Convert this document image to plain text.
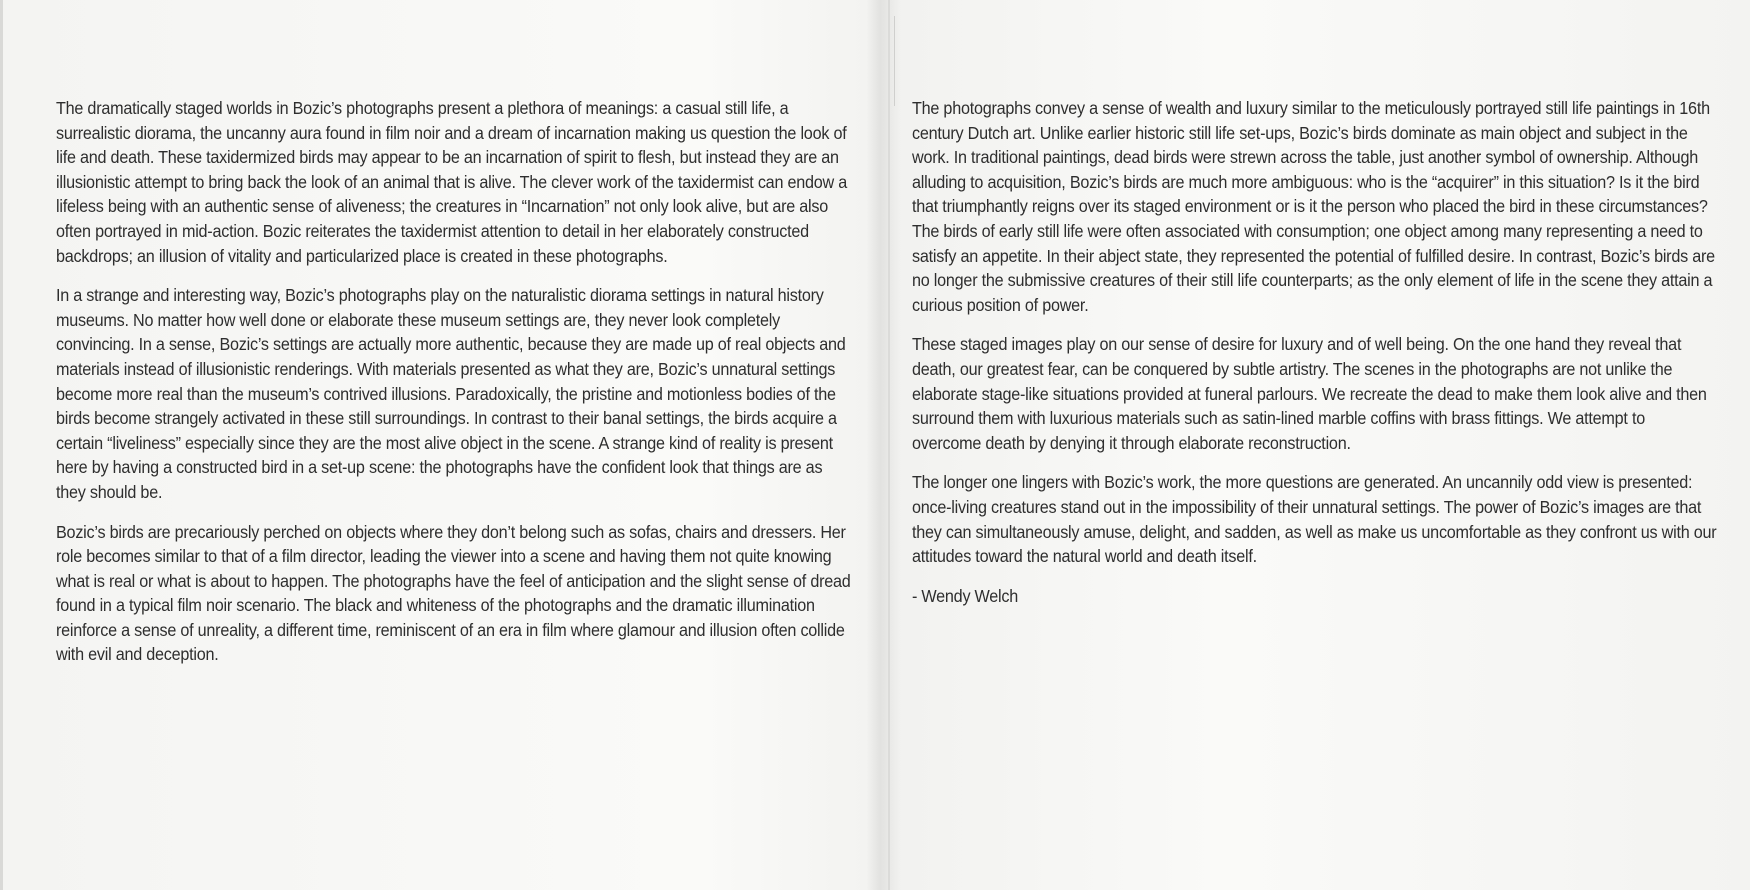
The dramatically staged worlds in Bozic’s photographs present a plethora of meanings: a casual still life, a surrealistic diorama, the uncanny aura found in film noir and a dream of incarnation making us question the look of life and death. These taxidermized birds may appear to be an incarnation of spirit to flesh, but instead they are an illusionistic attempt to bring back the look of an animal that is alive. The clever work of the taxidermist can endow a lifeless being with an authentic sense of aliveness; the creatures in “Incarnation” not only look alive, but are also often portrayed in mid-action. Bozic reiterates the taxidermist attention to detail in her elaborately constructed backdrops; an illusion of vitality and particularized place is created in these photographs.

In a strange and interesting way, Bozic’s photographs play on the naturalistic diorama settings in natural history museums. No matter how well done or elaborate these museum settings are, they never look completely convincing. In a sense, Bozic’s settings are actually more authentic, because they are made up of real objects and materials instead of illusionistic renderings. With materials presented as what they are, Bozic’s unnatural settings become more real than the museum’s contrived illusions. Paradoxically, the pristine and motionless bodies of the birds become strangely activated in these still surroundings. In contrast to their banal settings, the birds acquire a certain “liveliness” especially since they are the most alive object in the scene. A strange kind of reality is present here by having a constructed bird in a set-up scene: the photographs have the confident look that things are as they should be.

Bozic’s birds are precariously perched on objects where they don’t belong such as sofas, chairs and dressers. Her role becomes similar to that of a film director, leading the viewer into a scene and having them not quite knowing what is real or what is about to happen. The photographs have the feel of anticipation and the slight sense of dread found in a typical film noir scenario. The black and whiteness of the photographs and the dramatic illumination reinforce a sense of unreality, a different time, reminiscent of an era in film where glamour and illusion often collide with evil and deception.

The photographs convey a sense of wealth and luxury similar to the meticulously portrayed still life paintings in 16th century Dutch art. Unlike earlier historic still life set-ups, Bozic’s birds dominate as main object and subject in the work. In traditional paintings, dead birds were strewn across the table, just another symbol of ownership. Although alluding to acquisition, Bozic’s birds are much more ambiguous: who is the “acquirer” in this situation? Is it the bird that triumphantly reigns over its staged environment or is it the person who placed the bird in these circumstances? The birds of early still life were often associated with consumption; one object among many representing a need to satisfy an appetite. In their abject state, they represented the potential of fulfilled desire. In contrast, Bozic’s birds are no longer the submissive creatures of their still life counterparts; as the only element of life in the scene they attain a curious position of power.

These staged images play on our sense of desire for luxury and of well being. On the one hand they reveal that death, our greatest fear, can be conquered by subtle artistry. The scenes in the photographs are not unlike the elaborate stage-like situations provided at funeral parlours. We recreate the dead to make them look alive and then surround them with luxurious materials such as satin-lined marble coffins with brass fittings. We attempt to overcome death by denying it through elaborate reconstruction.

The longer one lingers with Bozic’s work, the more questions are generated. An uncannily odd view is presented: once-living creatures stand out in the impossibility of their unnatural settings. The power of Bozic’s images are that they can simultaneously amuse, delight, and sadden, as well as make us uncomfortable as they confront us with our attitudes toward the natural world and death itself.

- Wendy Welch
